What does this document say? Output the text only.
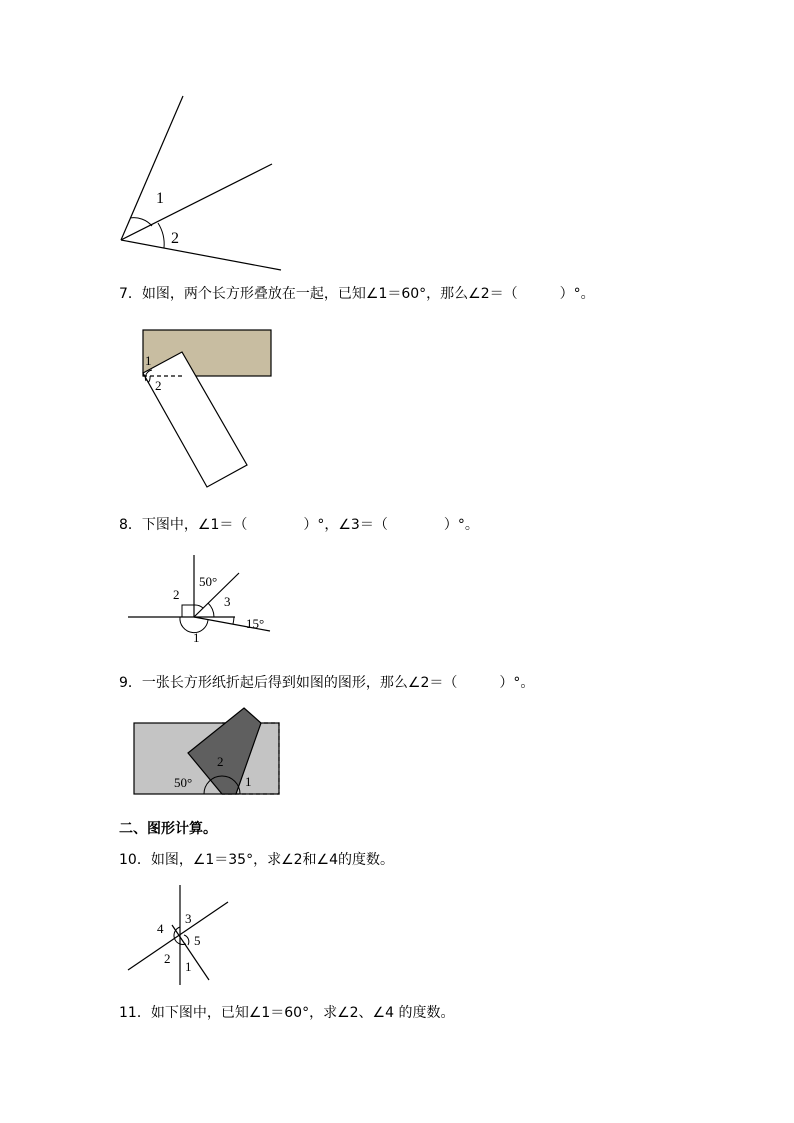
1
2
7．如图，两个长方形叠放在一起，已知∠1＝60°，那么∠2＝（　　　）°。
1
2
8．下图中，∠1＝（　　　　）°，∠3＝（　　　　）°。
2
50°
3
15°
1
9．一张长方形纸折起后得到如图的图形，那么∠2＝（　　　）°。
2
50°	1
二、图形计算。
10．如图，∠1＝35°，求∠2和∠4的度数。
3
4
5
2
1
11．如下图中，已知∠1＝60°，求∠2、∠4 的度数。
